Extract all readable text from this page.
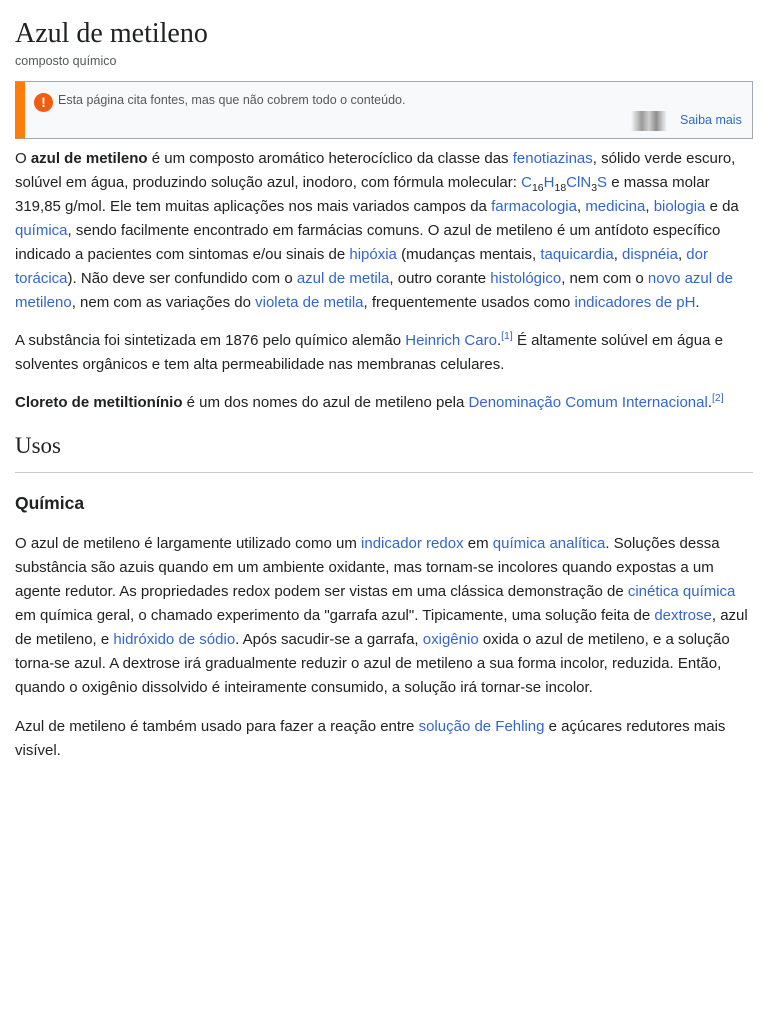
Azul de metileno
composto químico
! Esta página cita fontes, mas que não cobrem todo o conteúdo.
Saiba mais

O azul de metileno é um composto aromático heterocíclico da classe das fenotiazinas, sólido verde escuro, solúvel em água, produzindo solução azul, inodoro, com fórmula molecular: $C_{16}H_{18}ClN_3S$ e massa molar 319,85 g/mol. Ele tem muitas aplicações nos mais variados campos da farmacologia, medicina, biologia e da química, sendo facilmente encontrado em farmácias comuns. O azul de metileno é um antídoto específico indicado a pacientes com sintomas e/ou sinais de hipóxia (mudanças mentais, taquicardia, dispnéia, dor torácica). Não deve ser confundido com o azul de metila, outro corante histológico, nem com o novo azul de metileno, nem com as variações do violeta de metila, frequentemente usados como indicadores de pH.

A substância foi sintetizada em 1876 pelo químico alemão Heinrich Caro.[1] É altamente solúvel em água e solventes orgânicos e tem alta permeabilidade nas membranas celulares.

Cloreto de metiltionínio é um dos nomes do azul de metileno pela Denominação Comum Internacional.[2]

Usos
Química

O azul de metileno é largamente utilizado como um indicador redox em química analítica. Soluções dessa substância são azuis quando em um ambiente oxidante, mas tornam-se incolores quando expostas a um agente redutor. As propriedades redox podem ser vistas em uma clássica demonstração de cinética química em química geral, o chamado experimento da "garrafa azul". Tipicamente, uma solução feita de dextrose, azul de metileno, e hidróxido de sódio. Após sacudir-se a garrafa, oxigênio oxida o azul de metileno, e a solução torna-se azul. A dextrose irá gradualmente reduzir o azul de metileno a sua forma incolor, reduzida. Então, quando o oxigênio dissolvido é inteiramente consumido, a solução irá tornar-se incolor.

Azul de metileno é também usado para fazer a reação entre solução de Fehling e açúcares redutores mais visível.
